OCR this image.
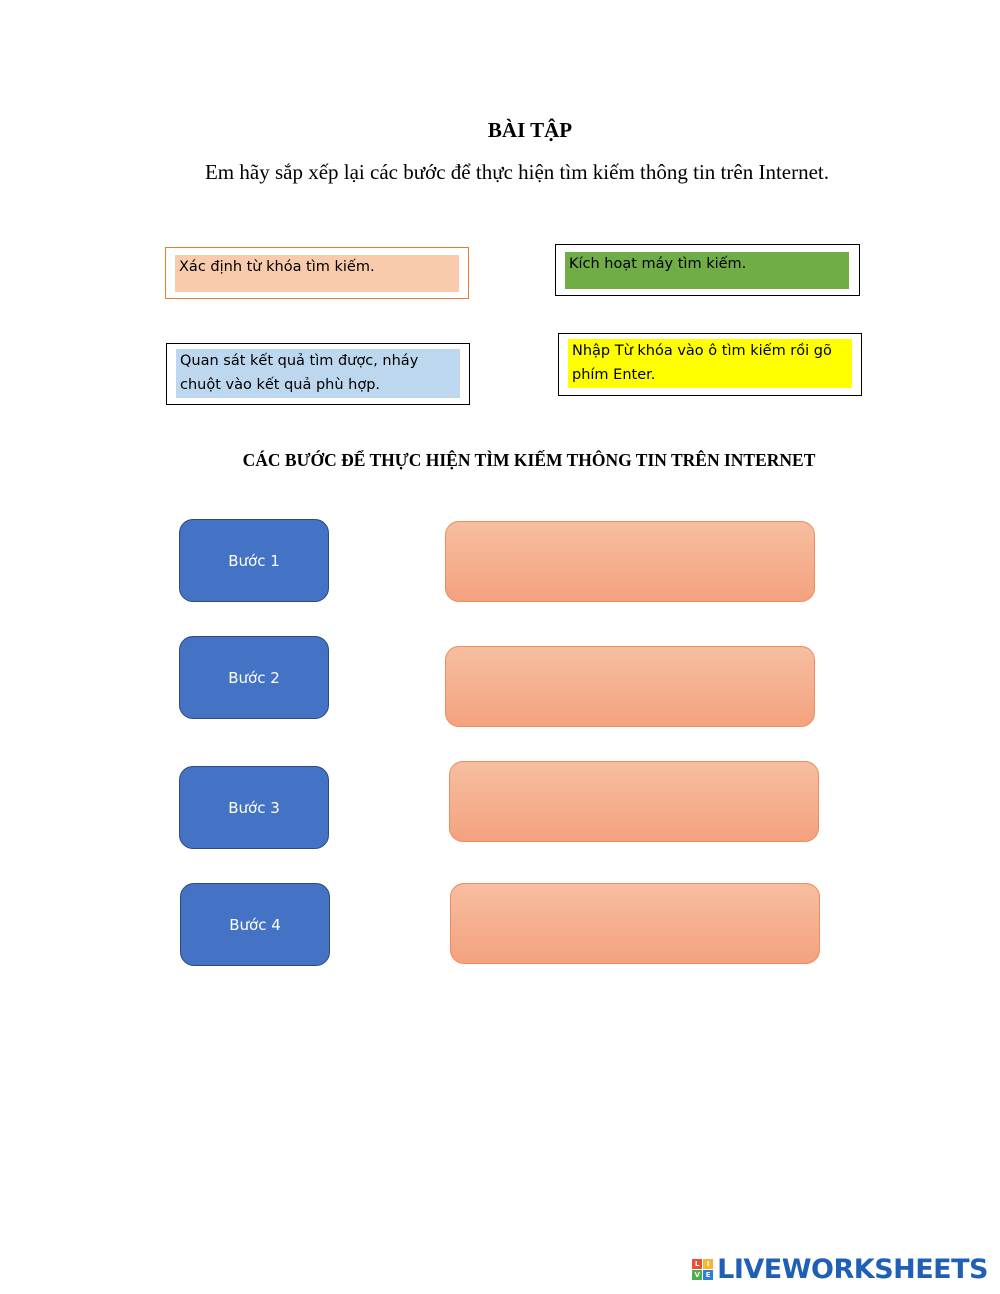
BÀI TẬP

Em hãy sắp xếp lại các bước để thực hiện tìm kiếm thông tin trên Internet.

Xác định từ khóa tìm kiếm.	Kích hoạt máy tìm kiếm.
Quan sát kết quả tìm được, nháy chuột vào kết quả phù hợp.
Nhập Từ khóa vào ô tìm kiếm rồi gõ phím Enter.
CÁC BƯỚC ĐỂ THỰC HIỆN TÌM KIẾM THÔNG TIN TRÊN INTERNET
Bước 1
Bước 2
Bước 3
Bước 4
L	I
V E LIVEWORKSHEETS
